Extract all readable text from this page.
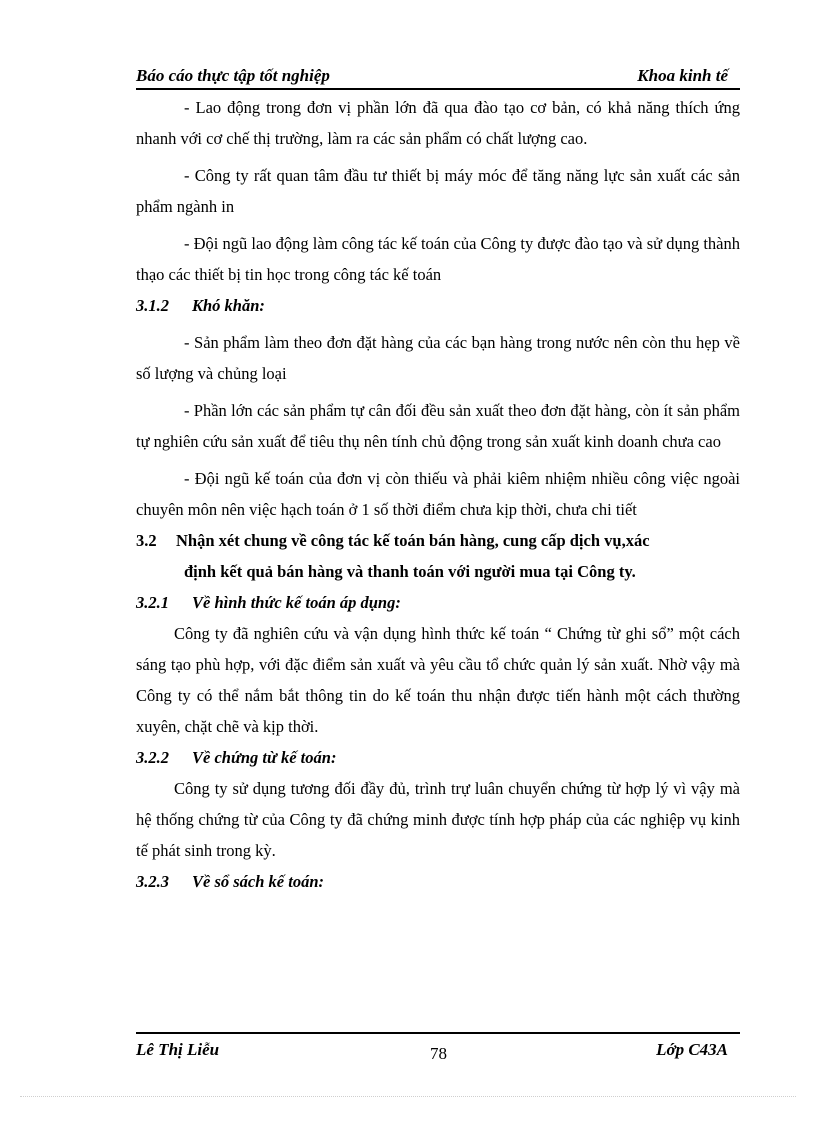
Báo cáo thực tập tốt nghiệp	Khoa kinh tế

- Lao động trong đơn vị phần lớn đã qua đào tạo cơ bản, có khả năng thích ứng nhanh với cơ chế thị trường, làm ra các sản phẩm có chất lượng cao.

- Công ty rất quan tâm đầu tư thiết bị máy móc để tăng năng lực sản xuất các sản phẩm ngành in

- Đội ngũ lao động làm công tác kế toán của Công ty được đào tạo và sử dụng thành thạo các thiết bị tin học trong công tác kế toán

3.1.2 Khó khăn:

- Sản phẩm làm theo đơn đặt hàng của các bạn hàng trong nước nên còn thu hẹp về số lượng và chủng loại

- Phần lớn các sản phẩm tự cân đối đều sản xuất theo đơn đặt hàng, còn ít sản phẩm tự nghiên cứu sản xuất để tiêu thụ nên tính chủ động trong sản xuất kinh doanh chưa cao

- Đội ngũ kế toán của đơn vị còn thiếu và phải kiêm nhiệm nhiều công việc ngoài chuyên môn nên việc hạch toán ở 1 số thời điểm chưa kịp thời, chưa chi tiết

3.2 Nhận xét chung về công tác kế toán bán hàng, cung cấp dịch vụ,xác

định kết quả bán hàng và thanh toán với người mua tại Công ty.

3.2.1 Về hình thức kế toán áp dụng:

Công ty đã nghiên cứu và vận dụng hình thức kế toán “ Chứng từ ghi sổ” một cách sáng tạo phù hợp, với đặc điểm sản xuất và yêu cầu tổ chức quản lý sản xuất. Nhờ vậy mà Công ty có thể nắm bắt thông tin do kế toán thu nhận được tiến hành một cách thường xuyên, chặt chẽ và kịp thời.

3.2.2 Về chứng từ kế toán:

Công ty sử dụng tương đối đầy đủ, trình trự luân chuyển chứng từ hợp lý vì vậy mà hệ thống chứng từ của Công ty đã chứng minh được tính hợp pháp của các nghiệp vụ kinh tế phát sinh trong kỳ.

3.2.3 Về sổ sách kế toán:

Lê Thị Liễu	78	Lớp C43A
